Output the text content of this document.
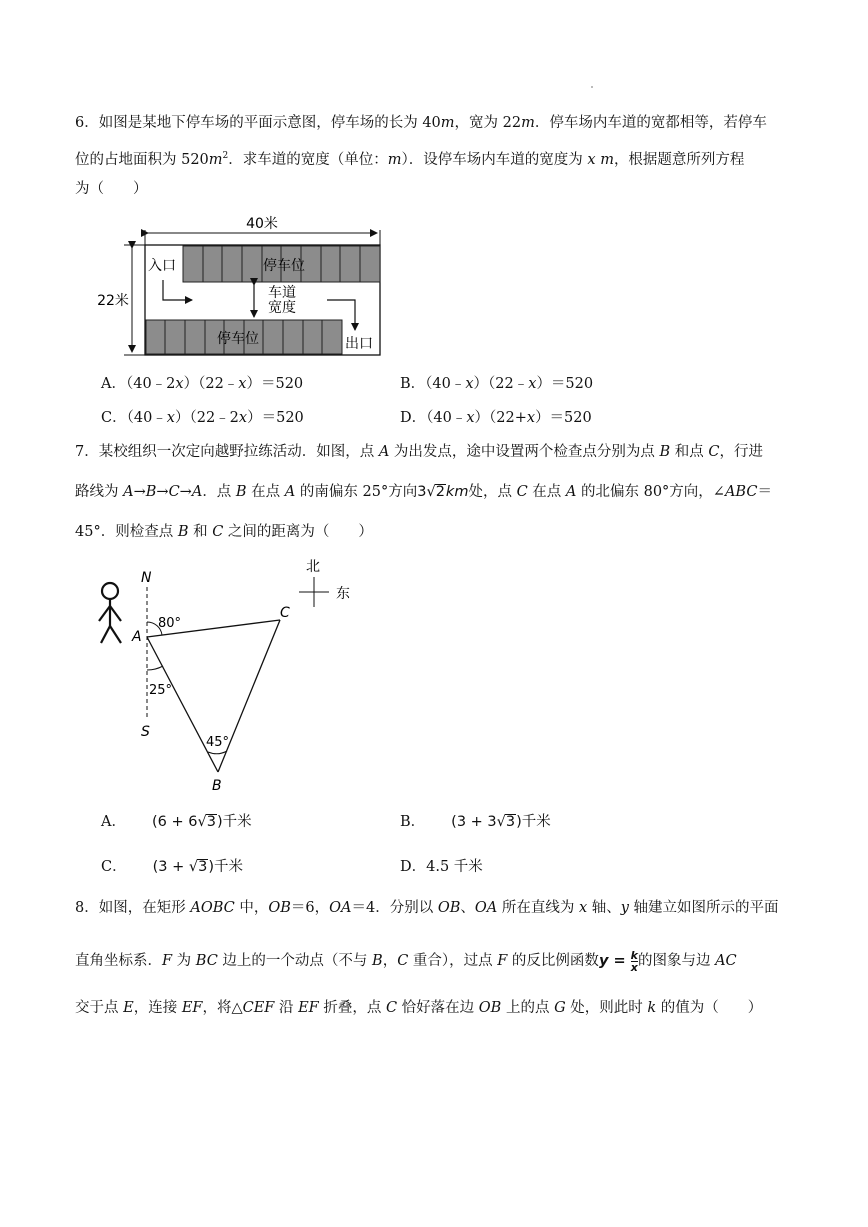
6．如图是某地下停车场的平面示意图，停车场的长为 40m，宽为 22m．停车场内车道的宽都相等，若停车
位的占地面积为 $520m^2$．求车道的宽度（单位：m）．设停车场内车道的宽度为 x m，根据题意所列方程
为（　　）
40米
22米
入口
车道
宽度
停车位
停车位	出口
A．（40﹣2x）（22﹣x）＝520	B．（40﹣x）（22﹣x）＝520
C．（40﹣x）（22﹣2x）＝520	D．（40﹣x）（22+x）＝520
7．某校组织一次定向越野拉练活动．如图，点 A 为出发点，途中设置两个检查点分别为点 B 和点 C，行进
路线为 A→B→C→A．点 B 在点 A 的南偏东 25°方向3√2km处，点 C 在点 A 的北偏东 80°方向，∠ABC＝
45°．则检查点 B 和 C 之间的距离为（　　）
N
S
A
B
C
80°
25°
45°
北
东
A． (6 + 6√3)千米	B． (3 + 3√3)千米
C． (3 + √3)千米	D．4.5 千米
8．如图，在矩形 AOBC 中，OB＝6，OA＝4．分别以 OB、OA 所在直线为 x 轴、y 轴建立如图所示的平面
直角坐标系．F 为 BC 边上的一个动点（不与 B，C 重合），过点 F 的反比例函数$y = \frac{k}{x}$ 的图象与边 AC
交于点 E，连接 EF，将△CEF 沿 EF 折叠，点 C 恰好落在边 OB 上的点 G 处，则此时 k 的值为（　　）
